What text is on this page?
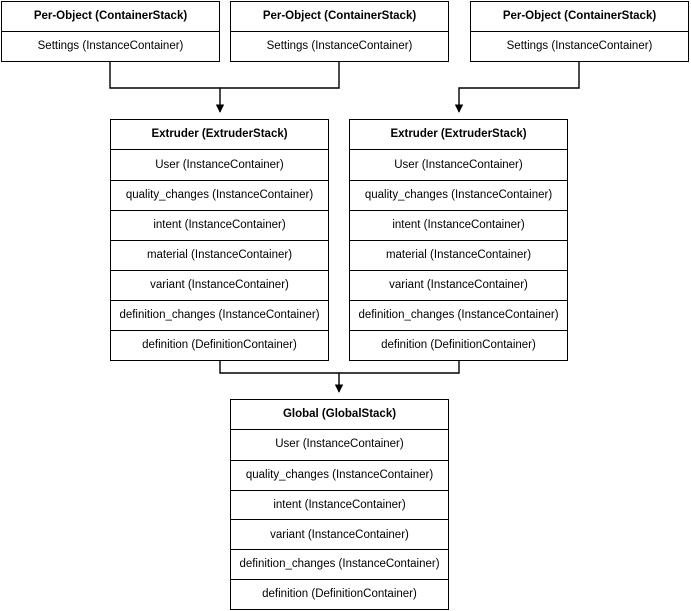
Per-Object (ContainerStack)
Settings (InstanceContainer)
Per-Object (ContainerStack)
Settings (InstanceContainer)
Per-Object (ContainerStack)
Settings (InstanceContainer)
Extruder (ExtruderStack)
User (InstanceContainer)
quality_changes (InstanceContainer)
intent (InstanceContainer)
material (InstanceContainer)
variant (InstanceContainer)
definition_changes (InstanceContainer)
definition (DefinitionContainer)
Extruder (ExtruderStack)
User (InstanceContainer)
quality_changes (InstanceContainer)
intent (InstanceContainer)
material (InstanceContainer)
variant (InstanceContainer)
definition_changes (InstanceContainer)
definition (DefinitionContainer)
Global (GlobalStack)
User (InstanceContainer)
quality_changes (InstanceContainer)
intent (InstanceContainer)
variant (InstanceContainer)
definition_changes (InstanceContainer)
definition (DefinitionContainer)
